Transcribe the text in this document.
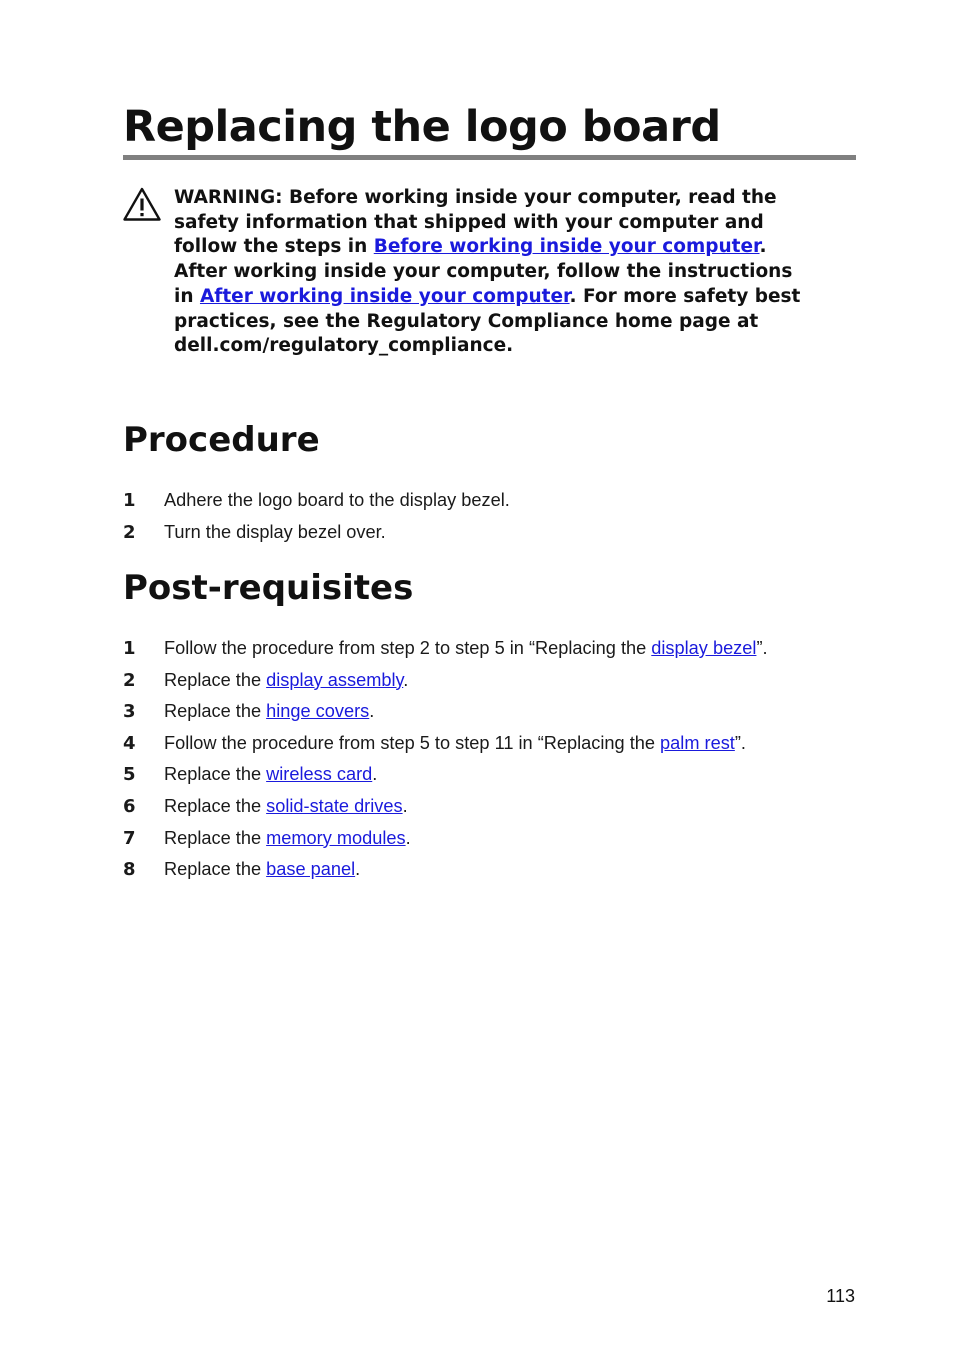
Replacing the logo board
WARNING: Before working inside your computer, read the
safety information that shipped with your computer and
follow the steps in Before working inside your computer.
After working inside your computer, follow the instructions
in After working inside your computer. For more safety best
practices, see the Regulatory Compliance home page at
dell.com/regulatory_compliance.
Procedure
1 Adhere the logo board to the display bezel.
2 Turn the display bezel over.
Post-requisites
1 Follow the procedure from step 2 to step 5 in “Replacing the display bezel”.
2 Replace the display assembly.
3 Replace the hinge covers.
4 Follow the procedure from step 5 to step 11 in “Replacing the palm rest”.
5 Replace the wireless card.
6 Replace the solid-state drives.
7 Replace the memory modules.
8 Replace the base panel.
113
